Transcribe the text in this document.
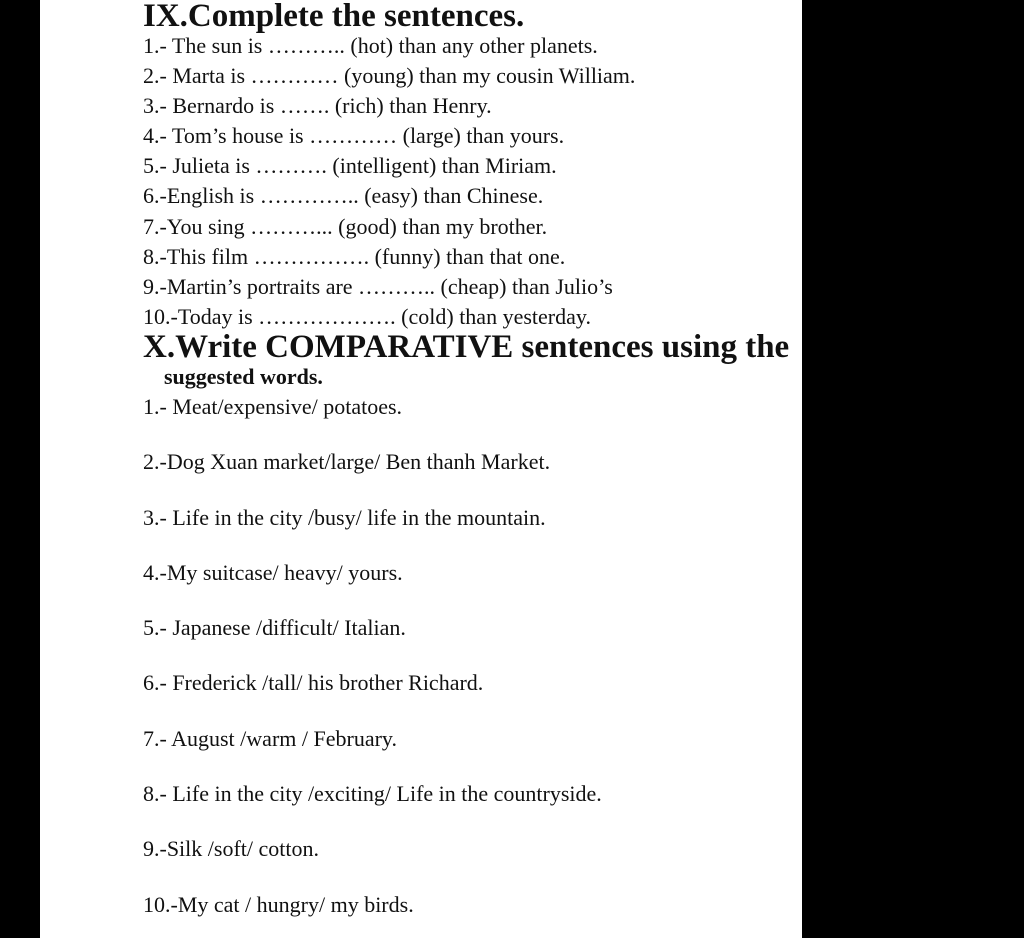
IX.Complete the sentences.
1.- The sun is ……….. (hot) than any other planets.
2.- Marta is ………… (young) than my cousin William.
3.- Bernardo is ……. (rich) than Henry.
4.- Tom’s house is ………… (large) than yours.
5.- Julieta is ………. (intelligent) than Miriam.
6.-English is ………….. (easy) than Chinese.
7.-You sing ………... (good) than my brother.
8.-This film ……………. (funny) than that one.
9.-Martin’s portraits are ……….. (cheap) than Julio’s
10.-Today is ………………. (cold) than yesterday.
X.Write COMPARATIVE sentences using the
suggested words.
1.- Meat/expensive/ potatoes.
2.-Dog Xuan market/large/ Ben thanh Market.
3.- Life in the city /busy/ life in the mountain.
4.-My suitcase/ heavy/ yours.
5.- Japanese /difficult/ Italian.
6.- Frederick /tall/ his brother Richard.
7.- August /warm / February.
8.- Life in the city /exciting/ Life in the countryside.
9.-Silk /soft/ cotton.
10.-My cat / hungry/ my birds.
